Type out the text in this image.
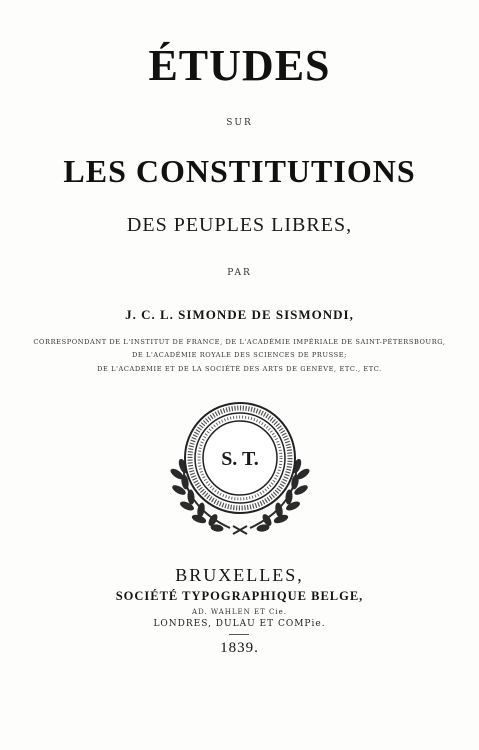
ÉTUDES
SUR
LES CONSTITUTIONS
DES PEUPLES LIBRES,
PAR
J. C. L. SIMONDE DE SISMONDI,
CORRESPONDANT DE L'INSTITUT DE FRANCE, DE L'ACADÉMIE IMPÉRIALE DE SAINT-PÉTERSBOURG,
DE L'ACADÉMIE ROYALE DES SCIENCES DE PRUSSE;
DE L'ACADÉMIE ET DE LA SOCIÉTÉ DES ARTS DE GENÈVE, ETC., ETC.
S. T.
BRUXELLES,
SOCIÉTÉ TYPOGRAPHIQUE BELGE,
AD. WAHLEN ET Cie.
LONDRES, DULAU ET COMPie.
1839.
